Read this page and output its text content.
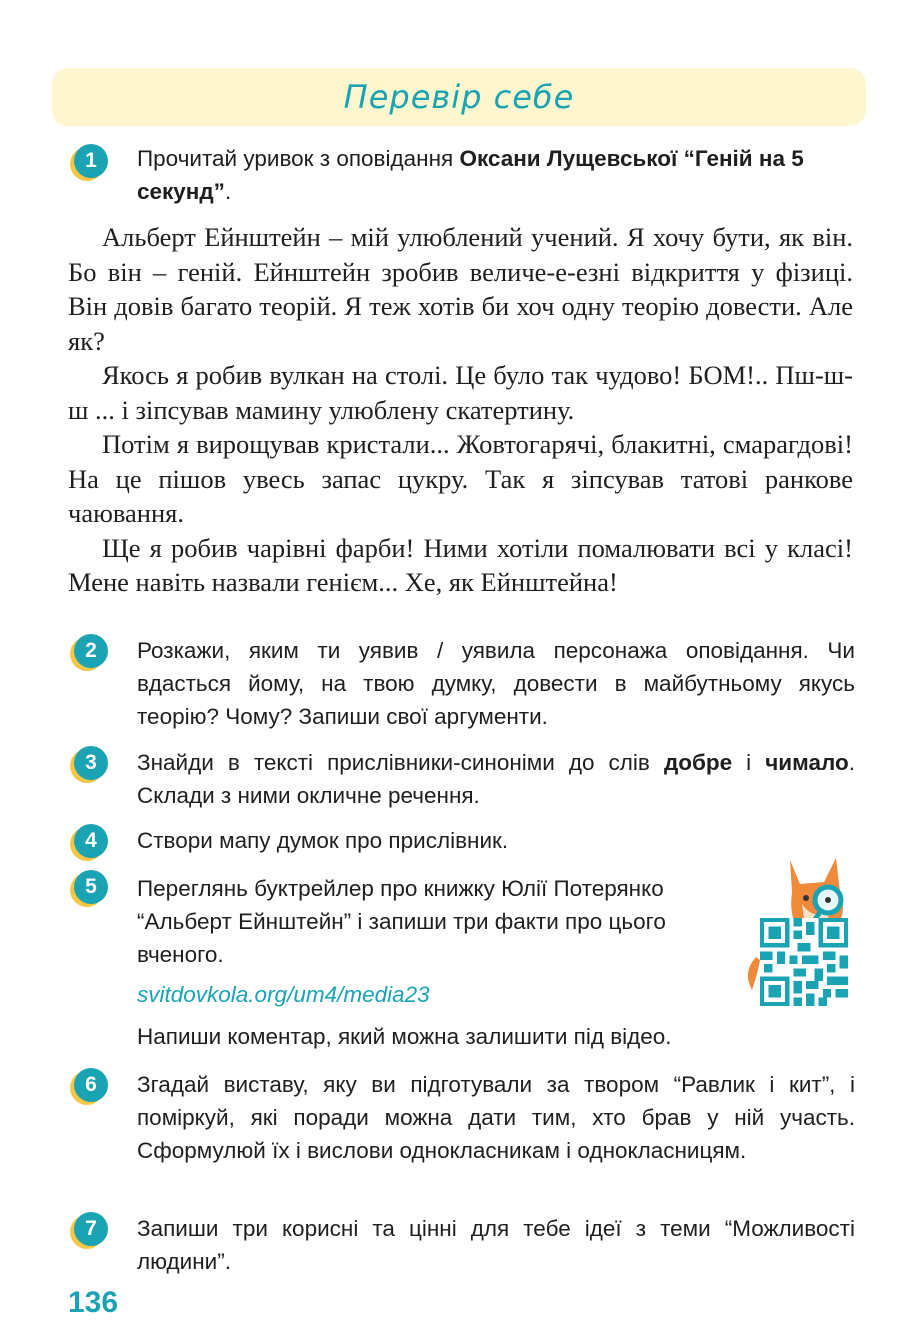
Перевір себе
1	Прочитай уривок з оповідання Оксани Лущевської “Геній на 5 секунд”.

Альберт Ейнштейн – мій улюблений учений. Я хочу бути, як він. Бо він – геній. Ейнштейн зробив величе-е-езні відкриття у фізиці. Він довів багато теорій. Я теж хотів би хоч одну теорію довести. Але як?

Якось я робив вулкан на столі. Це було так чудово! БОМ!.. Пш-ш-ш ... і зіпсував мамину улюблену скатертину.

Потім я вирощував кристали... Жовтогарячі, блакитні, смарагдові! На це пішов увесь запас цукру. Так я зіпсував татові ранкове чаювання.

Ще я робив чарівні фарби! Ними хотіли помалювати всі у класі! Мене навіть назвали генієм... Хе, як Ейнштейна!

2	Розкажи, яким ти уявив / уявила персонажа оповідання. Чи вдасться йому, на твою думку, довести в майбутньому якусь теорію? Чому? Запиши свої аргументи.
3	Знайди в тексті прислівники-синоніми до слів добре і чимало. Склади з ними окличне речення.
4	Створи мапу думок про прислівник.
5	Переглянь буктрейлер про книжку Юлії Потерянко “Альберт Ейнштейн” і запиши три факти про цього вченого.
svitdovkola.org/um4/media23
Напиши коментар, який можна залишити під відео.
6	Згадай виставу, яку ви підготували за твором “Равлик і кит”, і поміркуй, які поради можна дати тим, хто брав у ній участь. Сформулюй їх і вислови однокласникам і однокласницям.
7	Запиши три корисні та цінні для тебе ідеї з теми “Можливості людини”.
136
